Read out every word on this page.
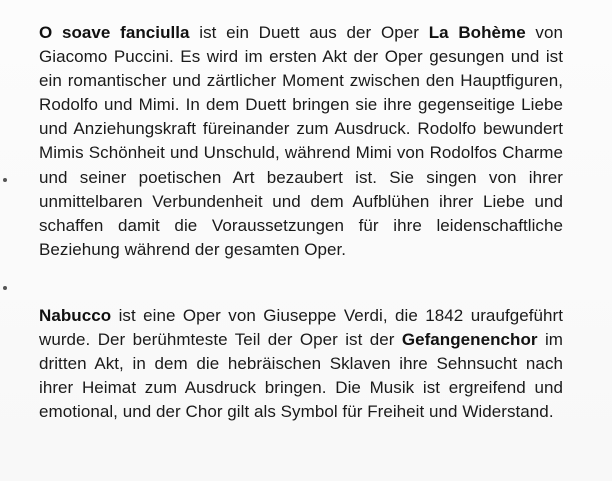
O soave fanciulla ist ein Duett aus der Oper La Bohème von Giacomo Puccini. Es wird im ersten Akt der Oper gesungen und ist ein romantischer und zärtlicher Moment zwischen den Hauptfiguren, Rodolfo und Mimi. In dem Duett bringen sie ihre gegenseitige Liebe und Anziehungskraft füreinander zum Ausdruck. Rodolfo bewundert Mimis Schönheit und Unschuld, während Mimi von Rodolfos Charme und seiner poetischen Art bezaubert ist. Sie singen von ihrer unmittelbaren Verbundenheit und dem Aufblühen ihrer Liebe und schaffen damit die Voraussetzungen für ihre leidenschaftliche Beziehung während der gesamten Oper.

Nabucco ist eine Oper von Giuseppe Verdi, die 1842 uraufgeführt wurde. Der berühmteste Teil der Oper ist der Gefangenenchor im dritten Akt, in dem die hebräischen Sklaven ihre Sehnsucht nach ihrer Heimat zum Ausdruck bringen. Die Musik ist ergreifend und emotional, und der Chor gilt als Symbol für Freiheit und Widerstand.
